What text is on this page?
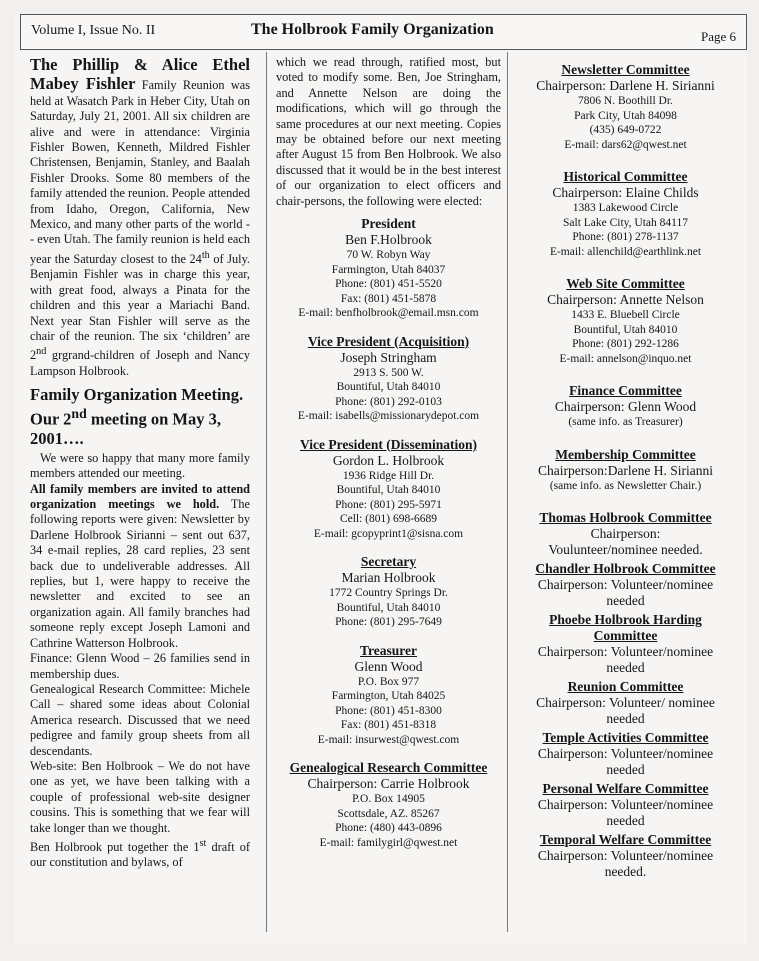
Volume I, Issue No. II	The Holbrook Family Organization	Page 6

The Phillip & Alice Ethel Mabey Fishler Family Reunion was held at Wasatch Park in Heber City, Utah on Saturday, July 21, 2001. All six children are alive and were in attendance: Virginia Fishler Bowen, Kenneth, Mildred Fishler Christensen, Benjamin, Stanley, and Baalah Fishler Drooks. Some 80 members of the family attended the reunion. People attended from Idaho, Oregon, California, New Mexico, and many other parts of the world - - even Utah. The family reunion is held each year the Saturday closest to the 24th of July. Benjamin Fishler was in charge this year, with great food, always a Pinata for the children and this year a Mariachi Band. Next year Stan Fishler will serve as the chair of the reunion. The six ‘children’ are 2nd grgrand-children of Joseph and Nancy Lampson Holbrook.

Family Organization Meeting. Our 2nd meeting on May 3, 2001….

We were so happy that many more family members attended our meeting.

All family members are invited to attend organization meetings we hold. The following reports were given: Newsletter by Darlene Holbrook Sirianni – sent out 637, 34 e-mail replies, 28 card replies, 23 sent back due to undeliverable addresses. All replies, but 1, were happy to receive the newsletter and excited to see an organization again. All family branches had someone reply except Joseph Lamoni and Cathrine Watterson Holbrook.

Finance: Glenn Wood – 26 families send in membership dues.

Genealogical Research Committee: Michele Call – shared some ideas about Colonial America research. Discussed that we need pedigree and family group sheets from all descendants.

Web-site: Ben Holbrook – We do not have one as yet, we have been talking with a couple of professional web-site designer cousins. This is something that we fear will take longer than we thought.

Ben Holbrook put together the 1st draft of our constitution and bylaws, of

which we read through, ratified most, but voted to modify some. Ben, Joe Stringham, and Annette Nelson are doing the modifications, which will go through the same procedures at our next meeting. Copies may be obtained before our next meeting after August 15 from Ben Holbrook. We also discussed that it would be in the best interest of our organization to elect officers and chair-persons, the following were elected:

President
Ben F.Holbrook
70 W. Robyn Way
Farmington, Utah 84037
Phone: (801) 451-5520
Fax: (801) 451-5878
E-mail: benfholbrook@email.msn.com
Vice President (Acquisition)
Joseph Stringham
2913 S. 500 W.
Bountiful, Utah 84010
Phone: (801) 292-0103
E-mail: isabells@missionarydepot.com
Vice President (Dissemination)
Gordon L. Holbrook
1936 Ridge Hill Dr.
Bountiful, Utah 84010
Phone: (801) 295-5971
Cell: (801) 698-6689
E-mail: gcopyprint1@sisna.com
Secretary
Marian Holbrook
1772 Country Springs Dr.
Bountiful, Utah 84010
Phone: (801) 295-7649
Treasurer
Glenn Wood
P.O. Box 977
Farmington, Utah 84025
Phone: (801) 451-8300
Fax: (801) 451-8318
E-mail: insurwest@qwest.com
Genealogical Research Committee
Chairperson: Carrie Holbrook
P.O. Box 14905
Scottsdale, AZ. 85267
Phone: (480) 443-0896
E-mail: familygirl@qwest.net
Newsletter Committee
Chairperson: Darlene H. Sirianni
7806 N. Boothill Dr.
Park City, Utah 84098
(435) 649-0722
E-mail: dars62@qwest.net
Historical Committee
Chairperson: Elaine Childs
1383 Lakewood Circle
Salt Lake City, Utah 84117
Phone: (801) 278-1137
E-mail: allenchild@earthlink.net
Web Site Committee
Chairperson: Annette Nelson
1433 E. Bluebell Circle
Bountiful, Utah 84010
Phone: (801) 292-1286
E-mail: annelson@inquo.net
Finance Committee
Chairperson: Glenn Wood
(same info. as Treasurer)
Membership Committee
Chairperson:Darlene H. Sirianni
(same info. as Newsletter Chair.)
Thomas Holbrook Committee
Chairperson: Voulunteer/nominee needed.
Chandler Holbrook Committee
Chairperson: Volunteer/nominee needed
Phoebe Holbrook Harding Committee
Chairperson: Volunteer/nominee needed
Reunion Committee
Chairperson: Volunteer/ nominee needed
Temple Activities Committee
Chairperson: Volunteer/nominee needed
Personal Welfare Committee
Chairperson: Volunteer/nominee needed
Temporal Welfare Committee
Chairperson: Volunteer/nominee needed.
